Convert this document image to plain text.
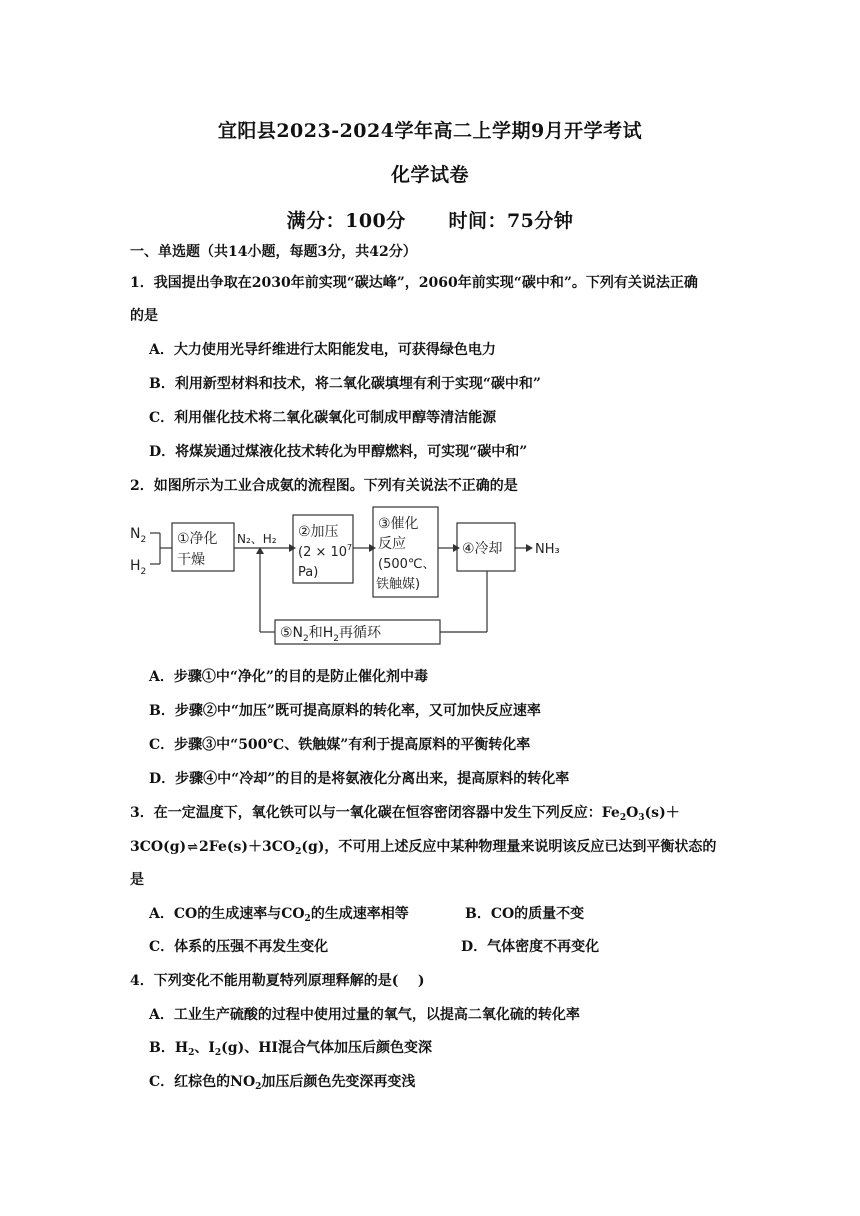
宜阳县2023-2024学年高二上学期9月开学考试
化学试卷
满分：100分      时间：75分钟
一、单选题（共14小题，每题3分，共42分）
1．我国提出争取在2030年前实现“碳达峰”，2060年前实现“碳中和”。下列有关说法正确
的是
A．大力使用光导纤维进行太阳能发电，可获得绿色电力
B．利用新型材料和技术，将二氧化碳填埋有利于实现“碳中和”
C．利用催化技术将二氧化碳氧化可制成甲醇等清洁能源
D．将煤炭通过煤液化技术转化为甲醇燃料，可实现“碳中和”
2．如图所示为工业合成氨的流程图。下列有关说法不正确的是
$N_2$
$H_2$
①净化
干燥
N₂、H₂ ②加压
($2 \times 10^7$
Pa)
③催化
反应
(500℃、
铁触媒)
④冷却 NH₃
$⑤N_2$和$H_2$再循环
A．步骤①中“净化”的目的是防止催化剂中毒
B．步骤②中“加压”既可提高原料的转化率，又可加快反应速率
C．步骤③中“500℃、铁触媒”有利于提高原料的平衡转化率
D．步骤④中“冷却”的目的是将氨液化分离出来，提高原料的转化率
3．在一定温度下，氧化铁可以与一氧化碳在恒容密闭容器中发生下列反应：$Fe_2O_3(s)+$
$3CO(g)\rightleftharpoons 2Fe(s)+3CO_2(g)$，不可用上述反应中某种物理量来说明该反应已达到平衡状态的
是
A．CO的生成速率与$CO_2$的生成速率相等	B．CO的质量不变
C．体系的压强不再发生变化	D．气体密度不再变化
4．下列变化不能用勒夏特列原理释解的是(    )
A．工业生产硫酸的过程中使用过量的氧气，以提高二氧化硫的转化率
B．$H_2$、$I_2(g)$、HI混合气体加压后颜色变深
C．红棕色的$NO_2$加压后颜色先变深再变浅
